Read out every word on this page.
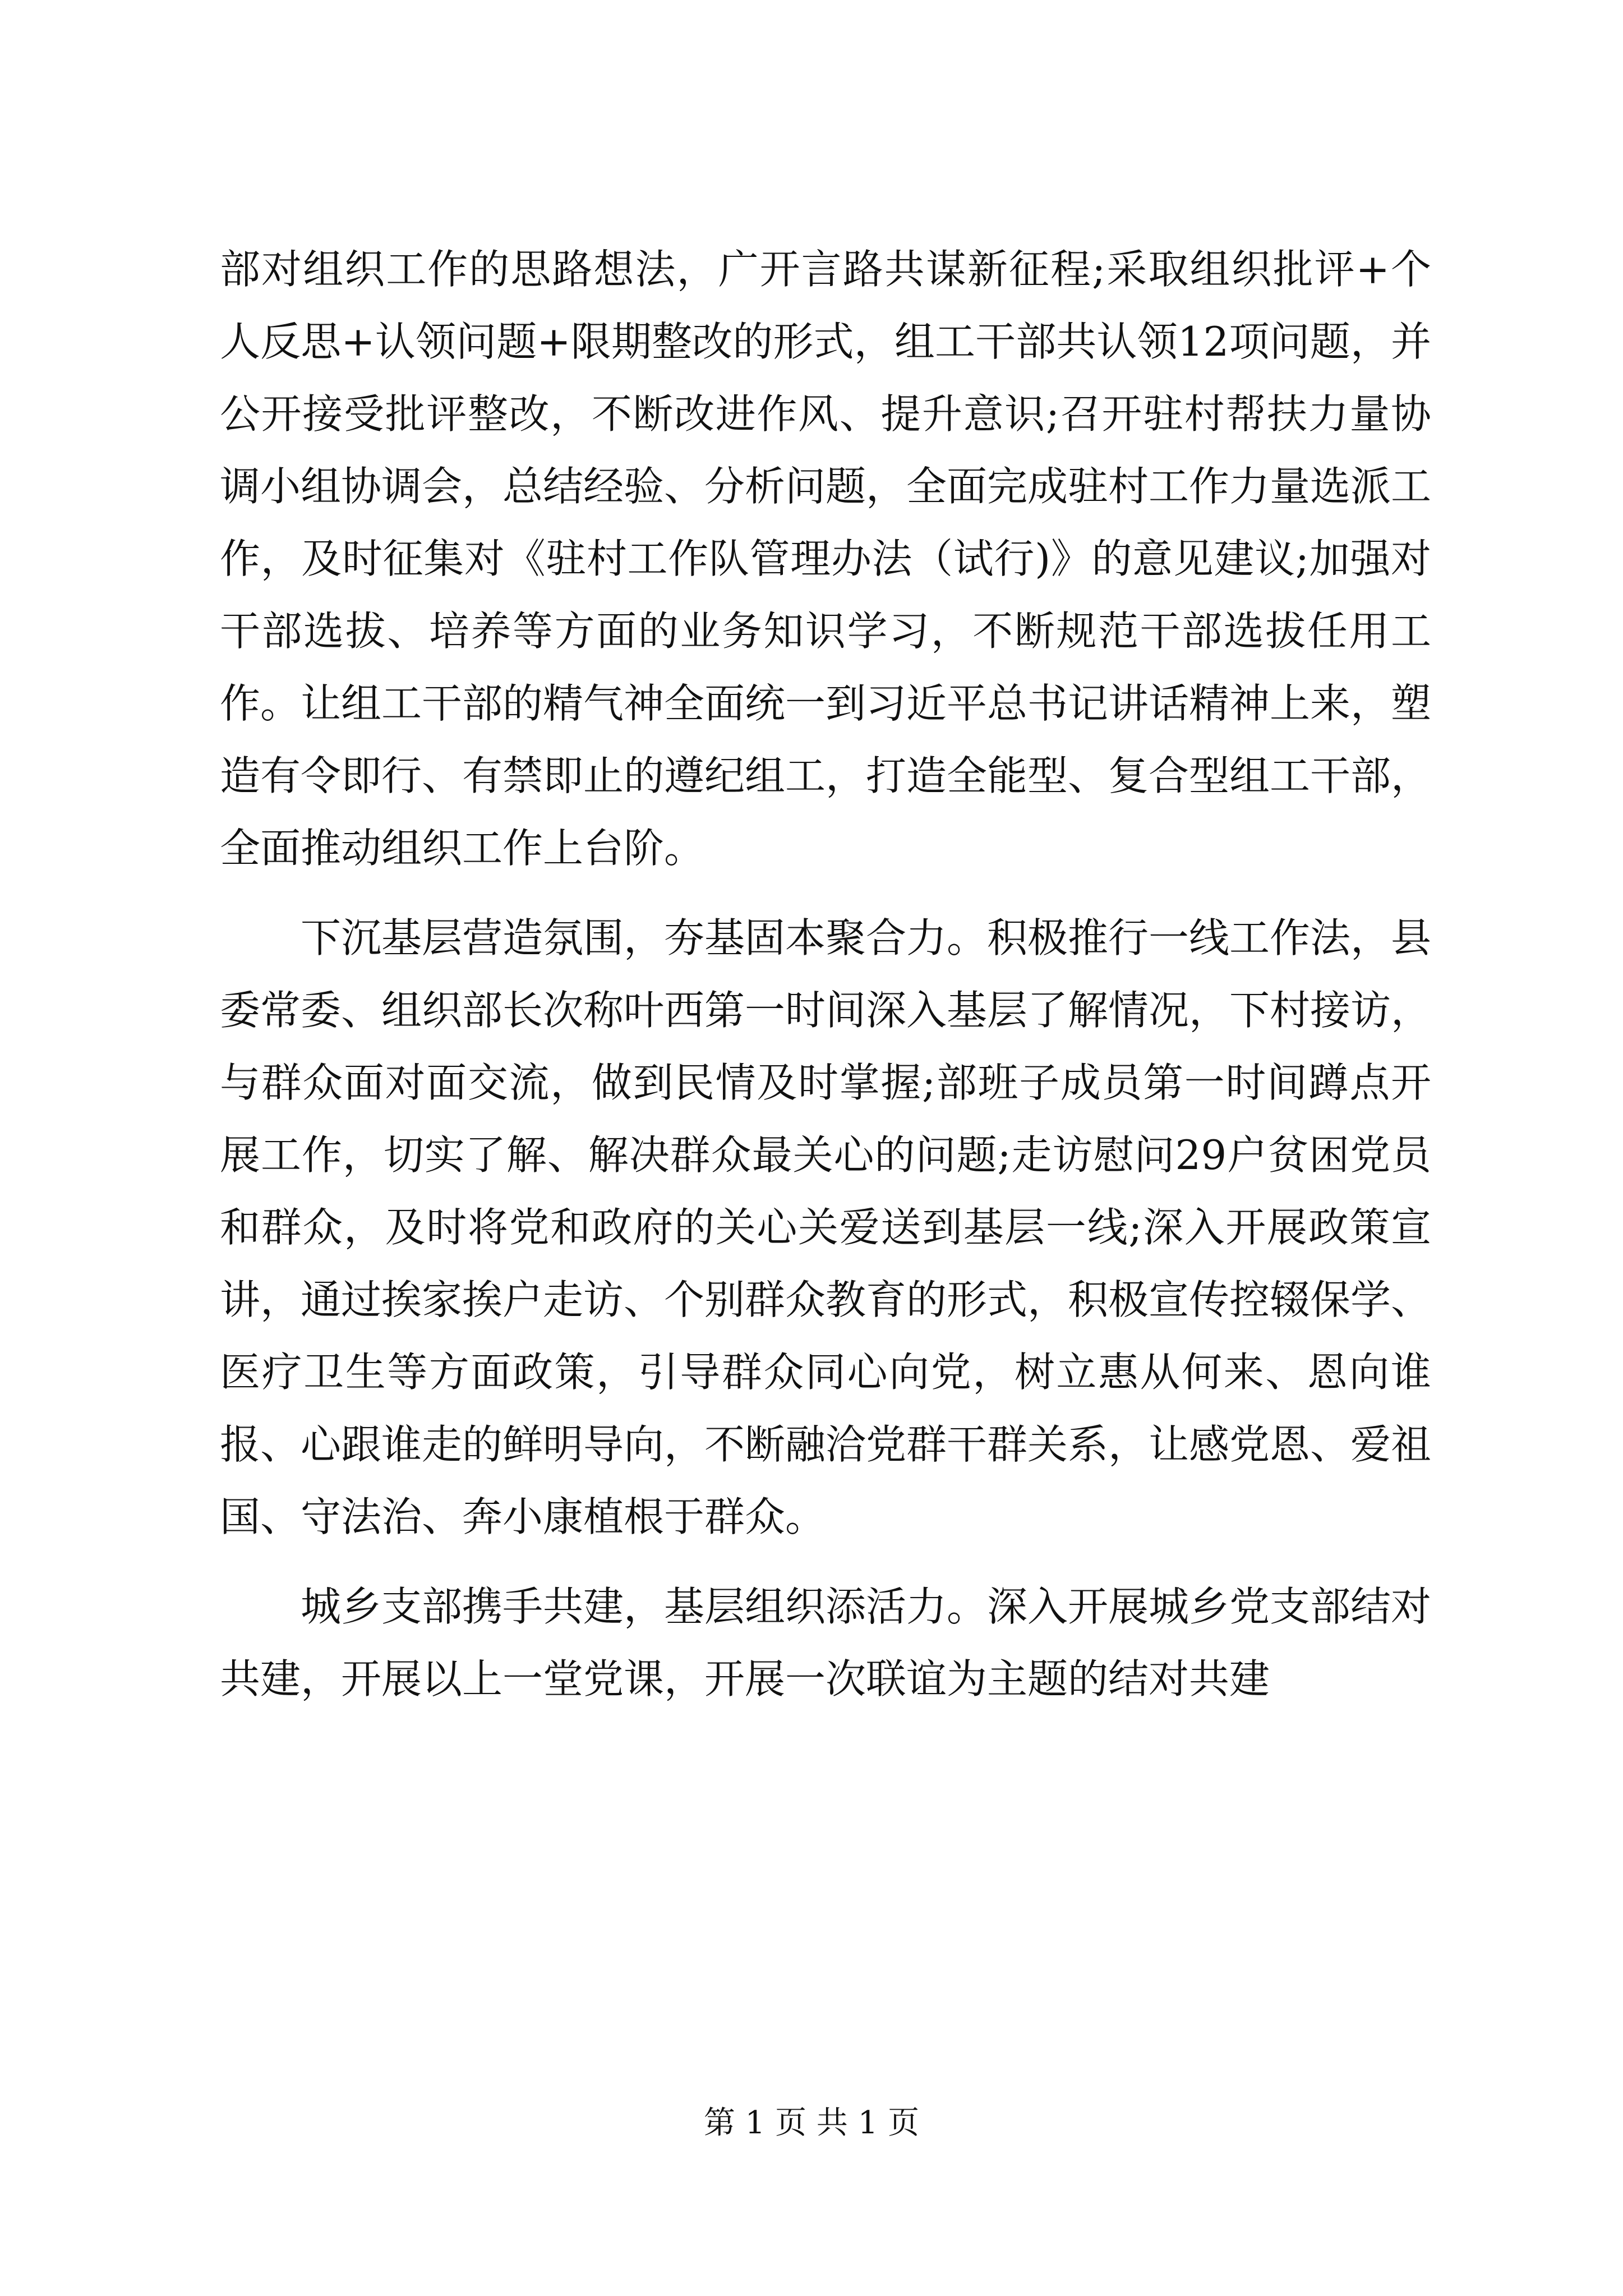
部对组织工作的思路想法，广开言路共谋新征程;采取组织批评+个人反思+认领问题+限期整改的形式，组工干部共认领12项问题，并公开接受批评整改，不断改进作风、提升意识;召开驻村帮扶力量协调小组协调会，总结经验、分析问题，全面完成驻村工作力量选派工作，及时征集对《驻村工作队管理办法（试行)》的意见建议;加强对干部选拔、培养等方面的业务知识学习，不断规范干部选拔任用工作。让组工干部的精气神全面统一到习近平总书记讲话精神上来，塑造有令即行、有禁即止的遵纪组工，打造全能型、复合型组工干部，全面推动组织工作上台阶。

下沉基层营造氛围，夯基固本聚合力。积极推行一线工作法，县委常委、组织部长次称叶西第一时间深入基层了解情况，下村接访，与群众面对面交流，做到民情及时掌握;部班子成员第一时间蹲点开展工作，切实了解、解决群众最关心的问题;走访慰问29户贫困党员和群众，及时将党和政府的关心关爱送到基层一线;深入开展政策宣讲，通过挨家挨户走访、个别群众教育的形式，积极宣传控辍保学、医疗卫生等方面政策，引导群众同心向党，树立惠从何来、恩向谁报、心跟谁走的鲜明导向，不断融洽党群干群关系，让感党恩、爱祖国、守法治、奔小康植根于群众。

城乡支部携手共建，基层组织添活力。深入开展城乡党支部结对共建，开展以上一堂党课，开展一次联谊为主题的结对共建

第 1 页 共 1 页
